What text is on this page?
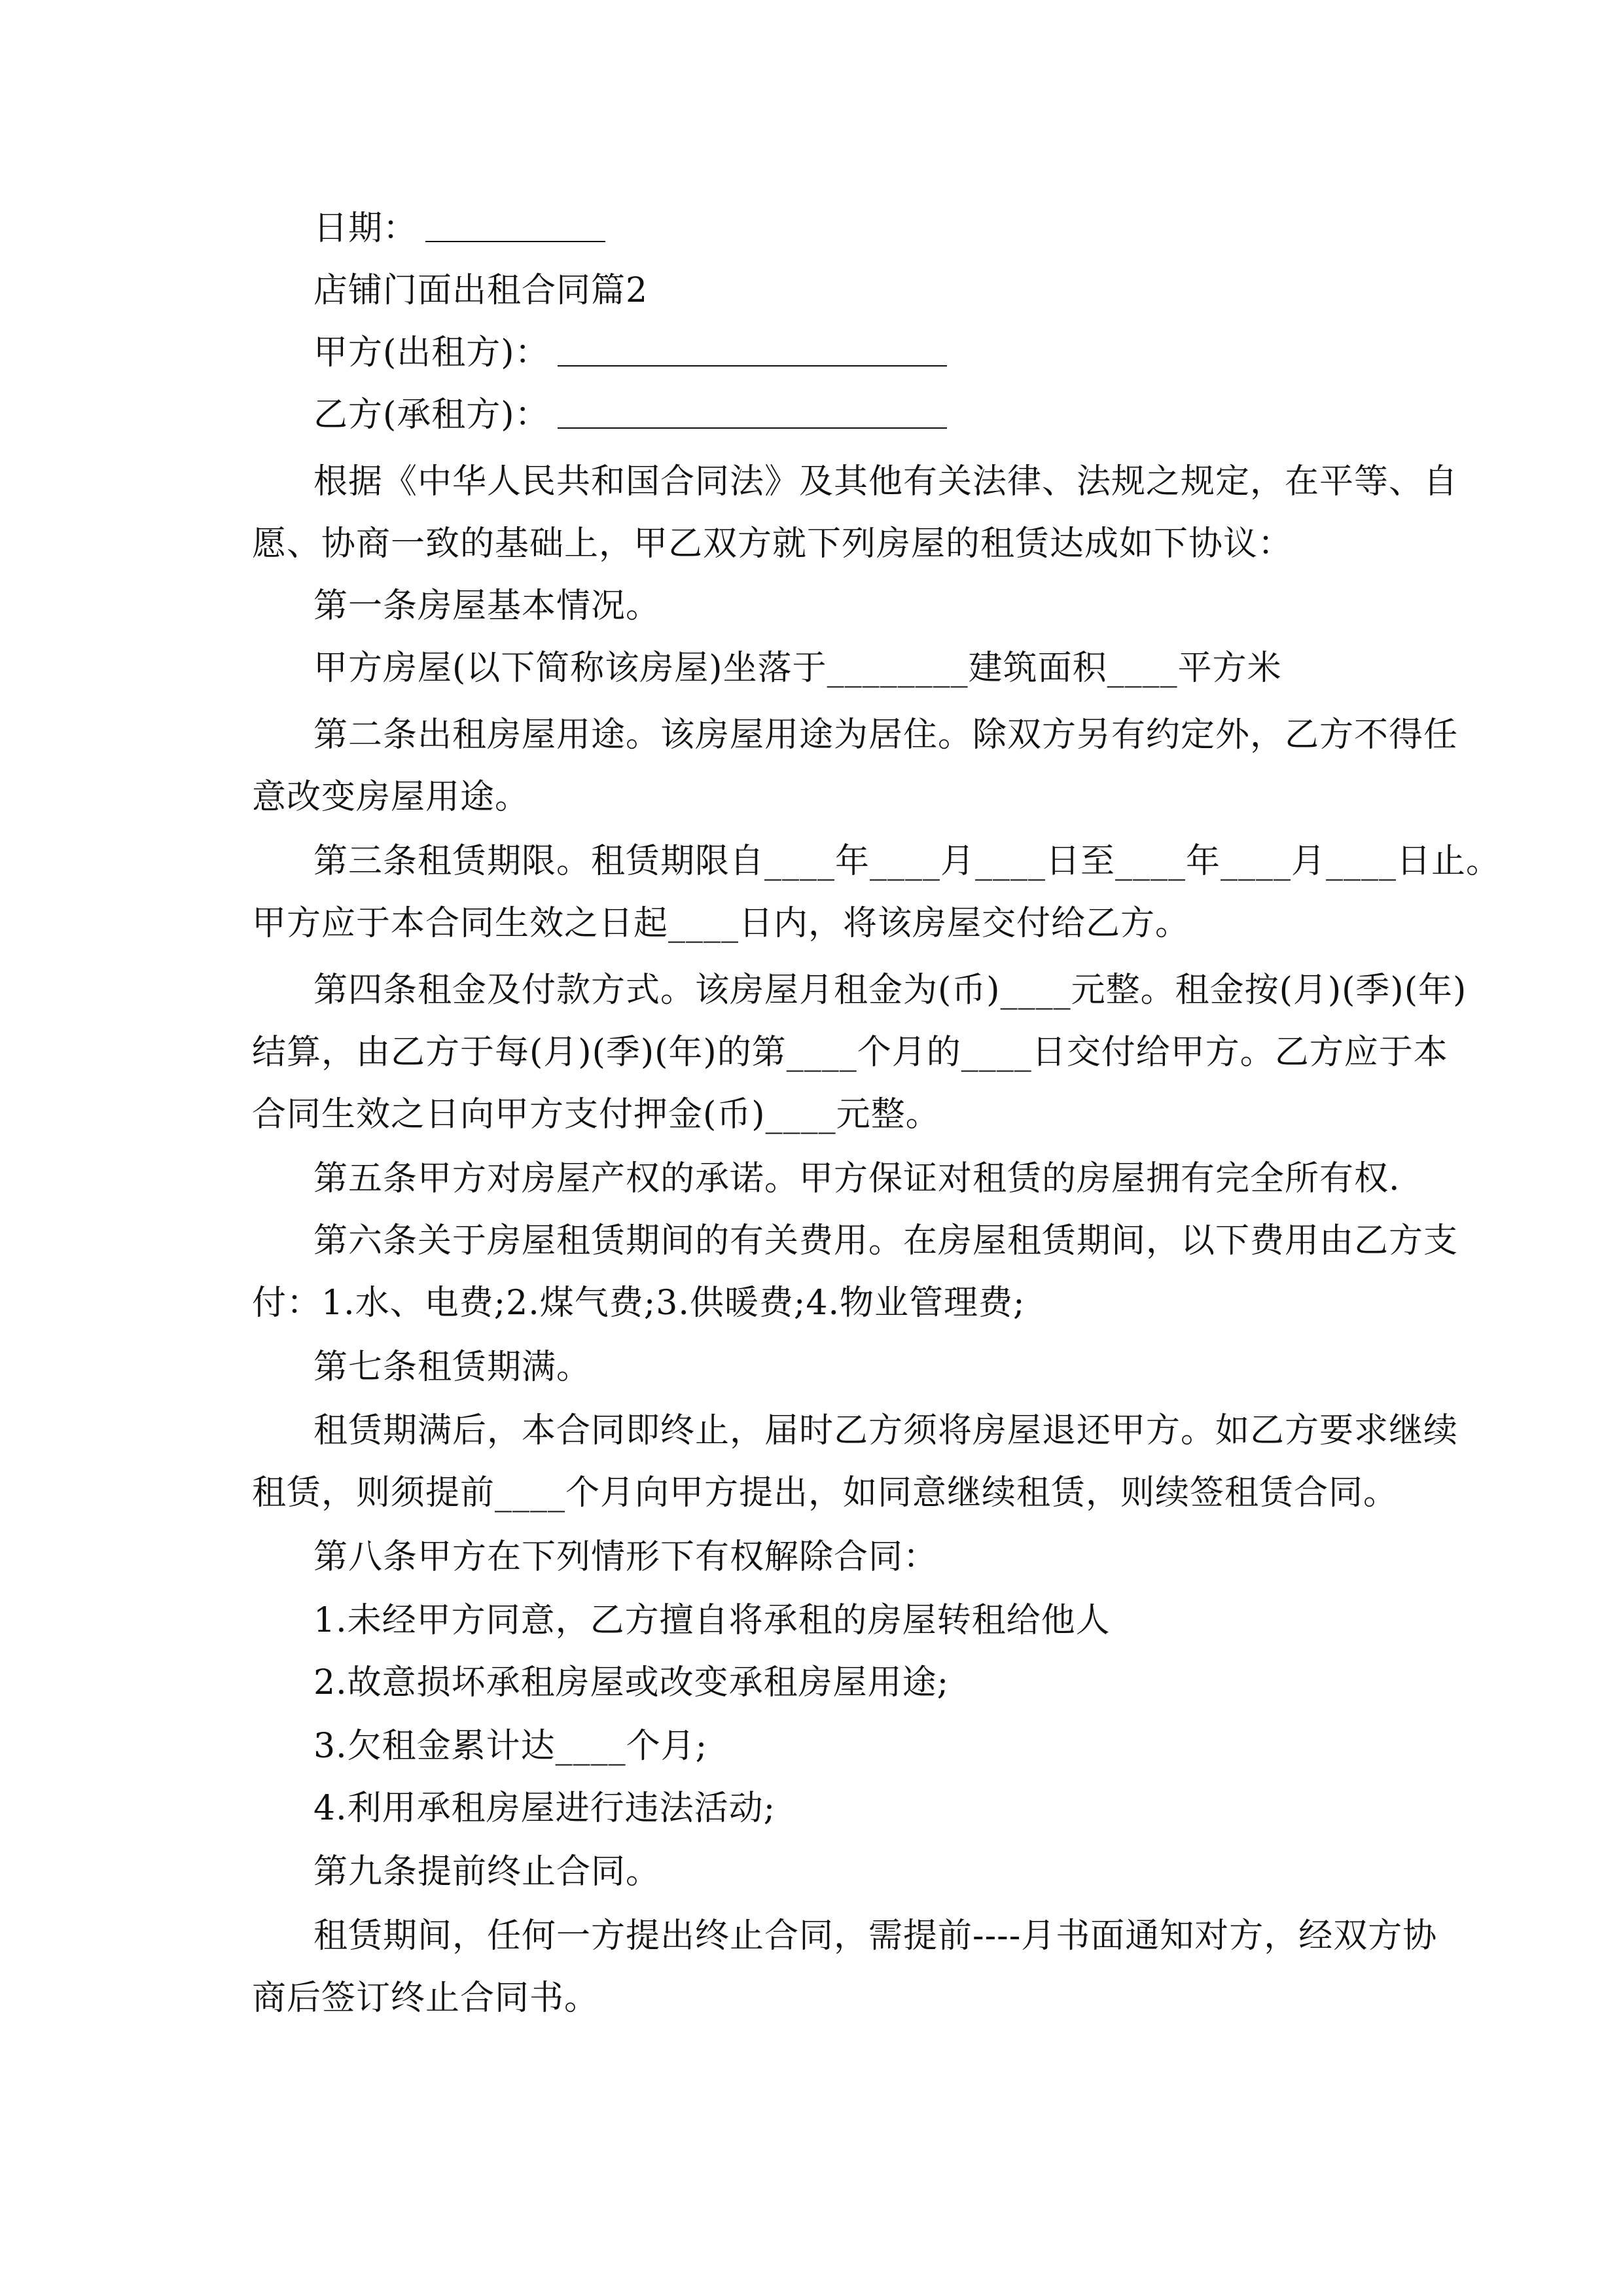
日期：

店铺门面出租合同篇2

甲方(出租方)：

乙方(承租方)：

根据《中华人民共和国合同法》及其他有关法律、法规之规定，在平等、自

愿、协商一致的基础上，甲乙双方就下列房屋的租赁达成如下协议：

第一条房屋基本情况。

甲方房屋(以下简称该房屋)坐落于________建筑面积____平方米

第二条出租房屋用途。该房屋用途为居住。除双方另有约定外，乙方不得任

意改变房屋用途。

第三条租赁期限。租赁期限自____年____月____日至____年____月____日止。

甲方应于本合同生效之日起____日内，将该房屋交付给乙方。

第四条租金及付款方式。该房屋月租金为(币)____元整。租金按(月)(季)(年)

结算，由乙方于每(月)(季)(年)的第____个月的____日交付给甲方。乙方应于本

合同生效之日向甲方支付押金(币)____元整。

第五条甲方对房屋产权的承诺。甲方保证对租赁的房屋拥有完全所有权.

第六条关于房屋租赁期间的有关费用。在房屋租赁期间，以下费用由乙方支

付：1.水、电费;2.煤气费;3.供暖费;4.物业管理费;

第七条租赁期满。

租赁期满后，本合同即终止，届时乙方须将房屋退还甲方。如乙方要求继续

租赁，则须提前____个月向甲方提出，如同意继续租赁，则续签租赁合同。

第八条甲方在下列情形下有权解除合同：

1.未经甲方同意，乙方擅自将承租的房屋转租给他人

2.故意损坏承租房屋或改变承租房屋用途;

3.欠租金累计达____个月;

4.利用承租房屋进行违法活动;

第九条提前终止合同。

租赁期间，任何一方提出终止合同，需提前----月书面通知对方，经双方协

商后签订终止合同书。
